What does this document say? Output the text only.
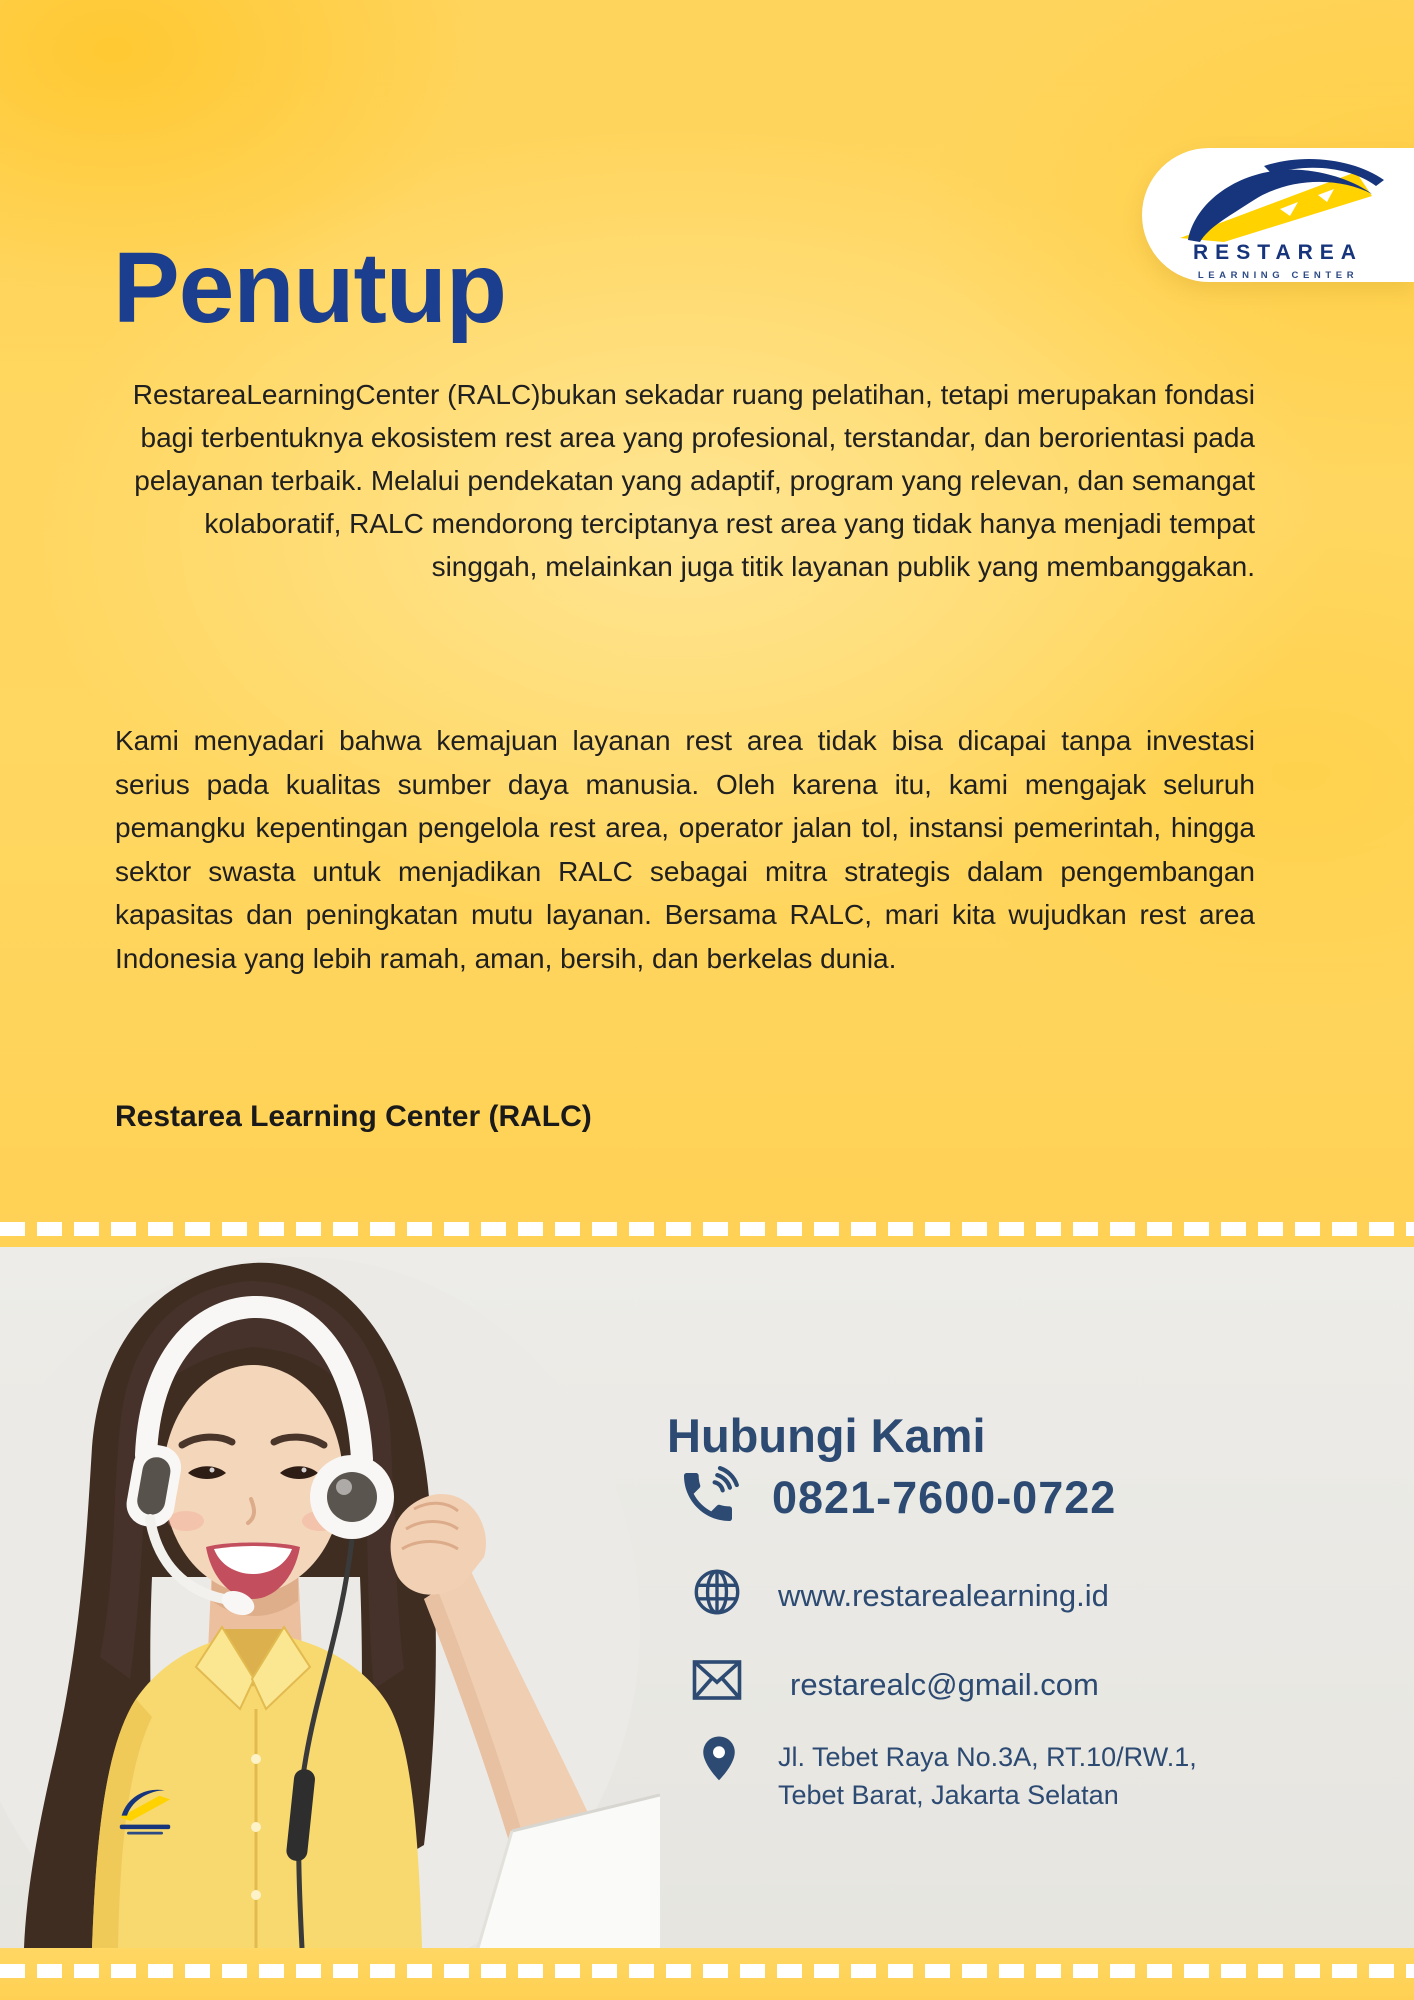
RESTAREA
LEARNING CENTER
Penutup

RestareaLearningCenter (RALC)bukan sekadar ruang pelatihan, tetapi merupakan fondasi                 bagi terbentuknya ekosistem rest area yang profesional, terstandar, dan berorientasi pada pelayanan terbaik. Melalui pendekatan yang adaptif, program yang relevan, dan semangat kolaboratif, RALC mendorong terciptanya rest area yang tidak hanya menjadi tempat singgah, melainkan juga titik layanan publik yang membanggakan.

Kami menyadari bahwa kemajuan layanan rest area tidak bisa dicapai tanpa investasi serius pada kualitas sumber daya manusia. Oleh karena itu, kami mengajak seluruh pemangku kepentingan pengelola rest area, operator jalan tol, instansi pemerintah, hingga sektor swasta untuk menjadikan RALC sebagai mitra strategis dalam pengembangan kapasitas dan peningkatan mutu layanan. Bersama RALC, mari kita wujudkan rest area Indonesia yang lebih ramah, aman, bersih, dan berkelas dunia.

Restarea Learning Center (RALC)

Hubungi Kami

0821-7600-0722

www.restarealearning.id

restarealc@gmail.com

Jl. Tebet Raya No.3A, RT.10/RW.1,
Tebet Barat, Jakarta Selatan
